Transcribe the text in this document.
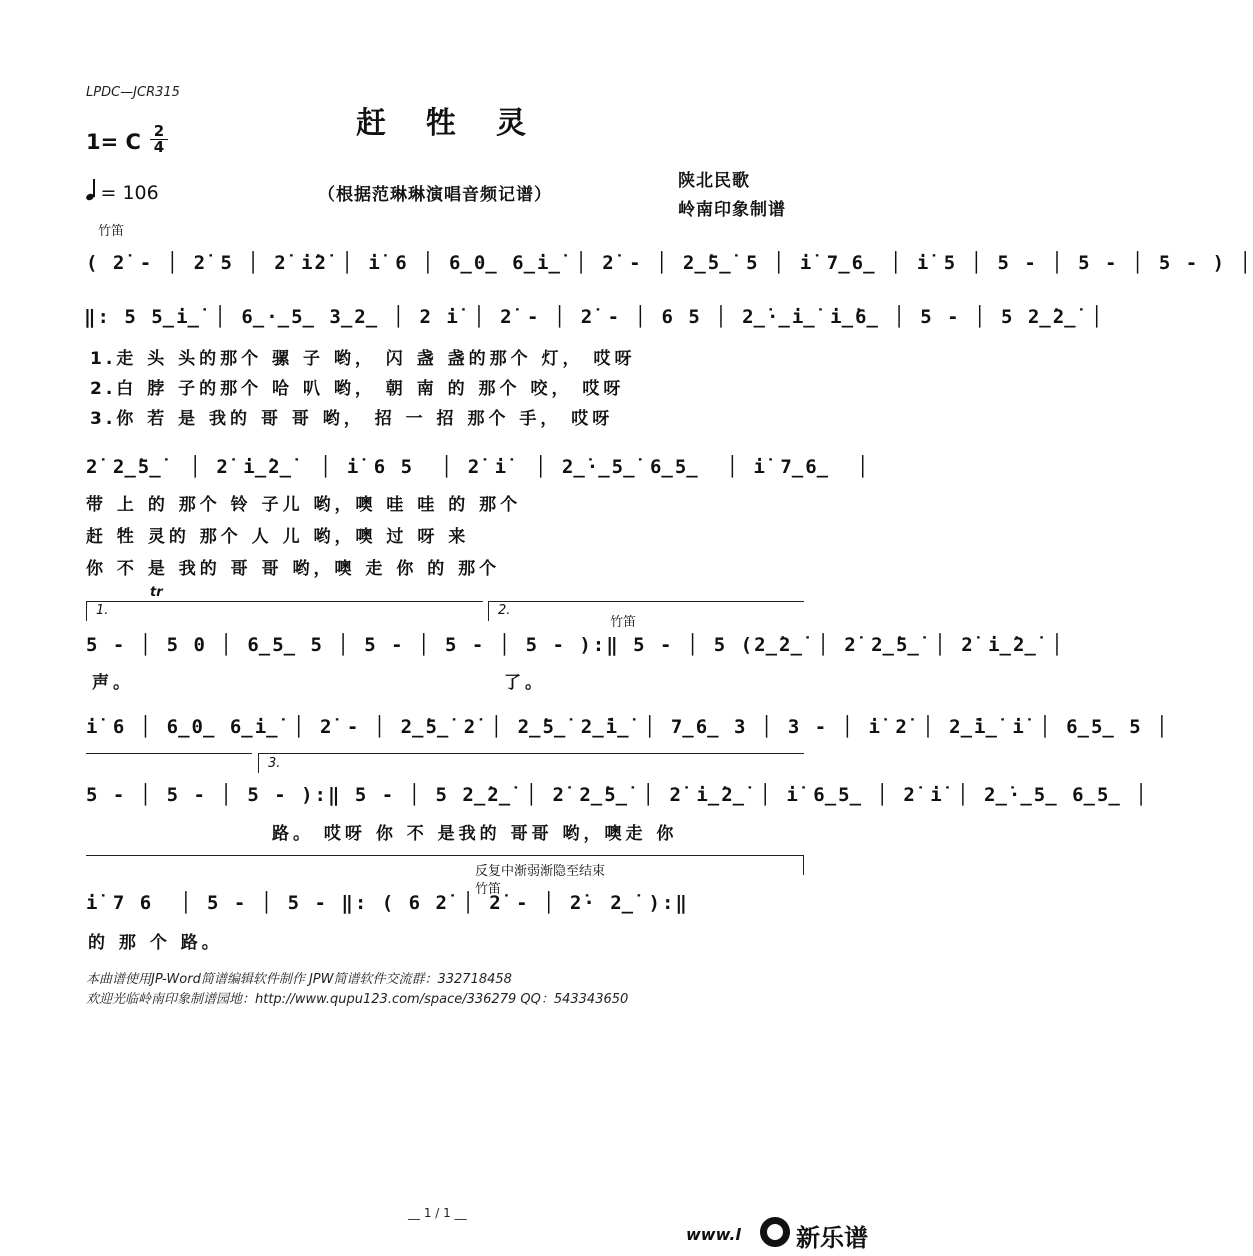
LPDC—JCR315
赶牲灵
1= C 2
4
= 106	（根据范琳琳演唱音频记谱）
陕北民歌
岭南印象制谱
竹笛
( 2̇ - │ 2̇ 5 │ 2̇ i̇2̇ │ i̇ 6 │ 6̲0̲ 6̲i̲̇ │ 2̇ - │ 2̲̇5̲̇ 5 │ i̇ 7̲6̲ │ i̇ 5 │ 5 - │ 5 - │ 5 - ) │
‖: 5 5̲i̲̇ │ 6̲·̲5̲ 3̲2̲ │ 2 i̇ │ 2̇ - │ 2̇ - │ 6 5 │ 2̲̇·̲i̲̇ i̲̇6̲ │ 5 - │ 5 2̲̇2̲̇ │
1.走 头 头的那个 骡 子 哟， 闪 盏 盏的那个 灯， 哎呀
2.白 脖 子的那个 哈 叭 哟， 朝 南 的 那个 咬， 哎呀
3.你 若 是 我的 哥 哥 哟， 招 一 招 那个 手， 哎呀
2̇ 2̲̇5̲̇  │ 2̇ i̲̇2̲̇  │ i̇ 6 5  │ 2̇ i̇  │ 2̲̇·̲5̲̇ 6̲5̲  │ i̇ 7̲6̲  │
带 上 的 那个 铃 子儿 哟，噢 哇 哇 的 那个
赶 牲 灵的 那个 人 儿 哟，噢 过 呀 来
你 不 是 我的 哥 哥 哟，噢 走 你 的 那个
tr
1.	2.
竹笛
5 - │ 5 0 │ 6̲5̲ 5 │ 5 - │ 5 - │ 5 - ):‖ 5 - │ 5 (2̲̇2̲̇ │ 2̇ 2̲̇5̲̇ │ 2̇ i̲̇2̲̇ │
声。	了。
i̇ 6 │ 6̲0̲ 6̲i̲̇ │ 2̇ - │ 2̲̇5̲̇ 2̇ │ 2̲̇5̲̇ 2̲̇i̲̇ │ 7̲6̲ 3 │ 3 - │ i̇ 2̇ │ 2̲̇i̲̇ i̇ │ 6̲5̲ 5 │
3.
5 - │ 5 - │ 5 - ):‖ 5 - │ 5 2̲̇2̲̇ │ 2̇ 2̲̇5̲̇ │ 2̇ i̲̇2̲̇ │ i̇ 6̲5̲ │ 2̇ i̇ │ 2̲̇·̲5̲ 6̲5̲ │
路。 哎呀 你 不 是我的 哥哥 哟，噢走 你
反复中渐弱渐隐至结束
竹笛
i̇ 7 6  │ 5 - │ 5 - ‖: ( 6 2̇ │ 2̇ - │ 2̇· 2̲̇ ):‖
的 那 个 路。
本曲谱使用JP-Word简谱编辑软件制作 JPW简谱软件交流群：332718458
欢迎光临岭南印象制谱园地：http://www.qupu123.com/space/336279 QQ：543343650
__ 1 / 1 __
www.l 新乐谱
